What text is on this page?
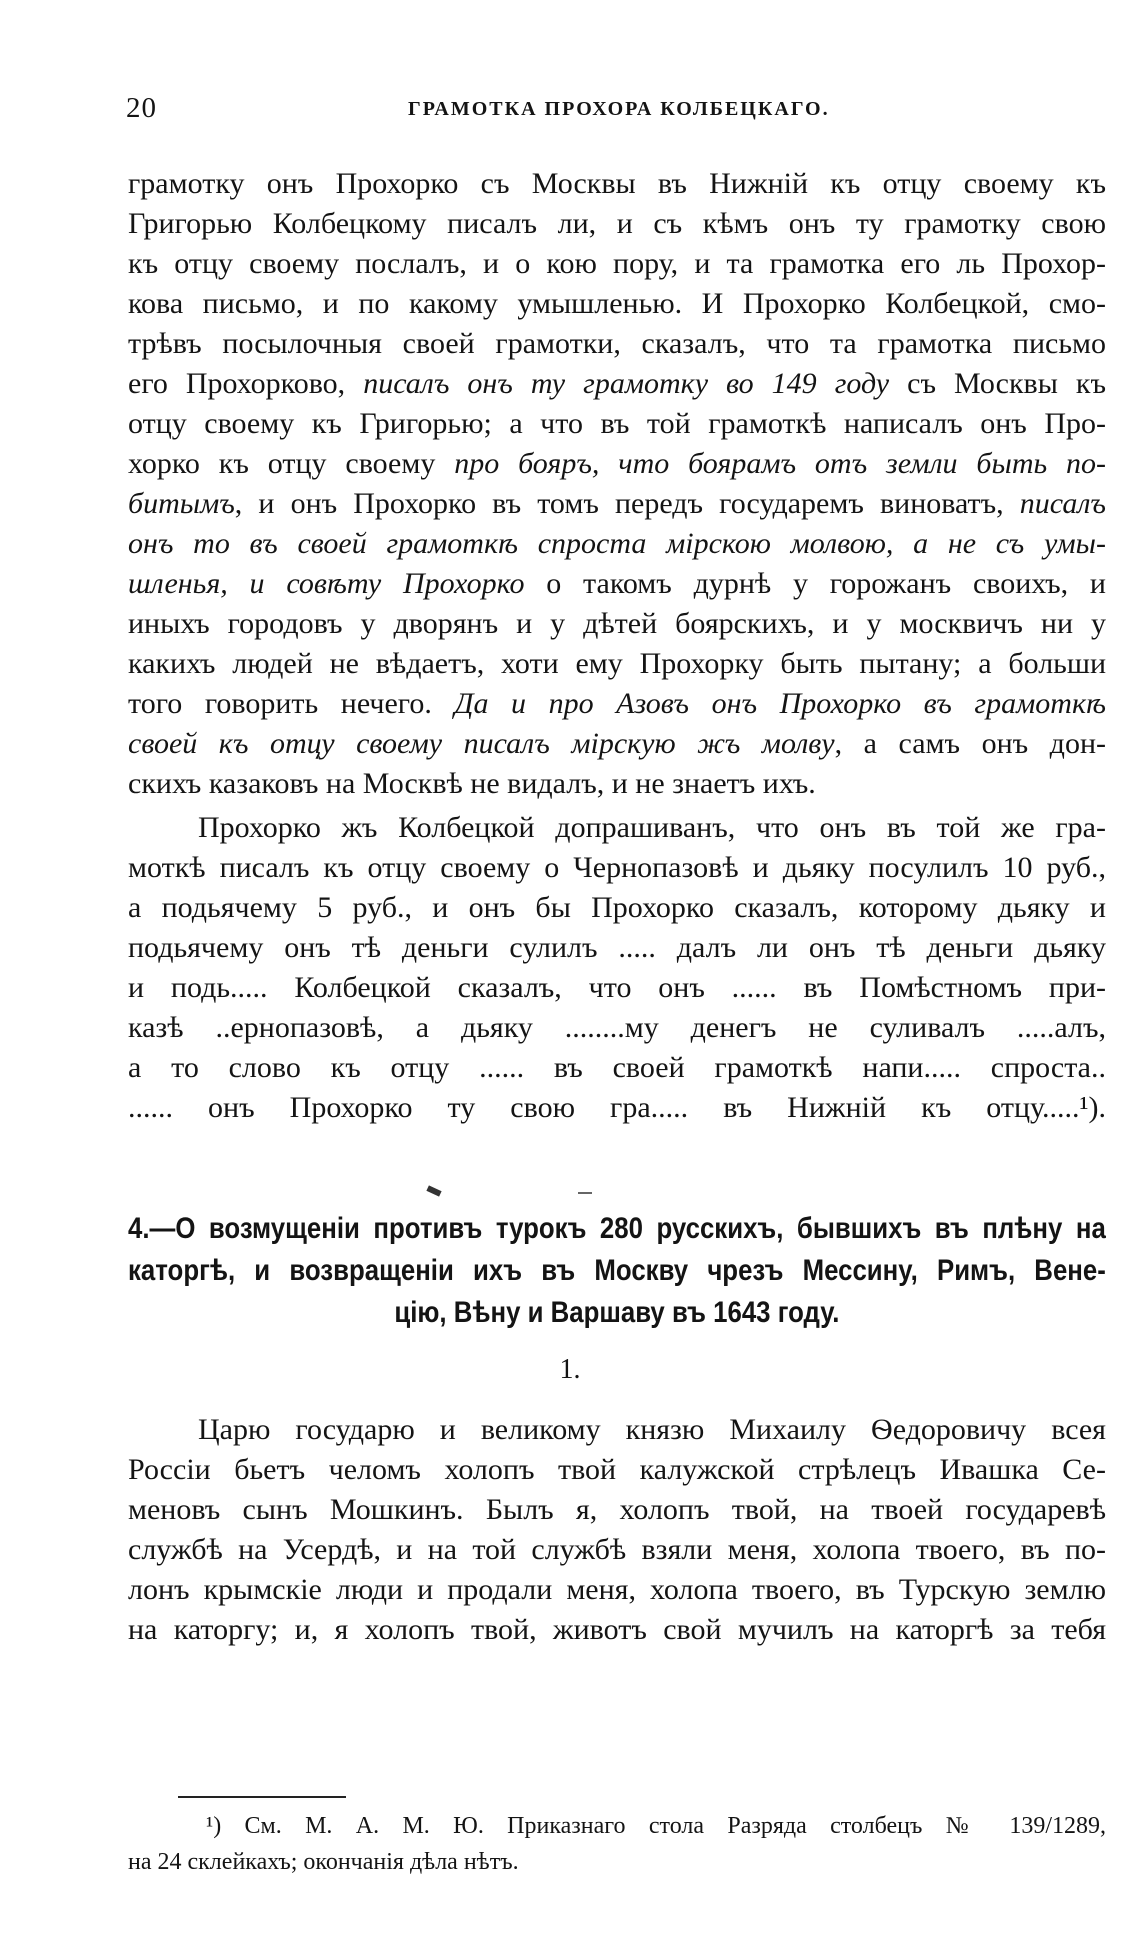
20	ГРАМОТКА ПРОХОРА КОЛБЕЦКАГО.
грамотку онъ Прохорко съ Москвы въ Нижній къ отцу своему къ
Григорью Колбецкому писалъ ли, и съ кѣмъ онъ ту грамотку свою
къ отцу своему послалъ, и о кою пору, и та грамотка его ль Прохор-
кова письмо, и по какому умышленью. И Прохорко Колбецкой, смо-
трѣвъ посылочныя своей грамотки, сказалъ, что та грамотка письмо
его Прохорково, писалъ онъ ту грамотку во 149 году съ Москвы къ
отцу своему къ Григорью; а что въ той грамоткѣ написалъ онъ Про-
хорко къ отцу своему про бояръ, что боярамъ отъ земли быть по-
битымъ, и онъ Прохорко въ томъ передъ государемъ виноватъ, писалъ
онъ то въ своей грамоткѣ спроста мірскою молвою, а не съ умы-
шленья, и совѣту Прохорко о такомъ дурнѣ у горожанъ своихъ, и
иныхъ городовъ у дворянъ и у дѣтей боярскихъ, и у москвичъ ни у
какихъ людей не вѣдаетъ, хоти ему Прохорку быть пытану; а больши
того говорить нечего. Да и про Азовъ онъ Прохорко въ грамоткѣ
своей къ отцу своему писалъ мірскую жъ молву, а самъ онъ дон-
скихъ казаковъ на Москвѣ не видалъ, и не знаетъ ихъ.
Прохорко жъ Колбецкой допрашиванъ, что онъ въ той же гра-
моткѣ писалъ къ отцу своему о Чернопазовѣ и дьяку посулилъ 10 руб.,
а подьячему 5 руб., и онъ бы Прохорко сказалъ, которому дьяку и
подьячему онъ тѣ деньги сулилъ ..... далъ ли онъ тѣ деньги дьяку
и подь..... Колбецкой сказалъ, что онъ ...... въ Помѣстномъ при-
казѣ ..ернопазовѣ, а дьяку ........му денегъ не суливалъ .....алъ,
а то слово къ отцу ...... въ своей грамоткѣ напи..... спроста..
...... онъ Прохорко ту свою гра..... въ Нижній къ отцу.....¹).
4.—О возмущеніи противъ турокъ 280 русскихъ, бывшихъ въ плѣну на
каторгѣ, и возвращеніи ихъ въ Москву чрезъ Мессину, Римъ, Вене-
цію, Вѣну и Варшаву въ 1643 году.
1.
Царю государю и великому князю Михаилу Ѳедоровичу всея
Россіи бьетъ челомъ холопъ твой калужской стрѣлецъ Ивашка Се-
меновъ сынъ Мошкинъ. Былъ я, холопъ твой, на твоей государевѣ
службѣ на Усердѣ, и на той службѣ взяли меня, холопа твоего, въ по-
лонъ крымскіе люди и продали меня, холопа твоего, въ Турскую землю
на каторгу; и, я холопъ твой, животъ свой мучилъ на каторгѣ за тебя
¹) См. М. А. М. Ю. Приказнаго стола Разряда столбецъ № 139/1289,
на 24 склейкахъ; окончанія дѣла нѣтъ.
